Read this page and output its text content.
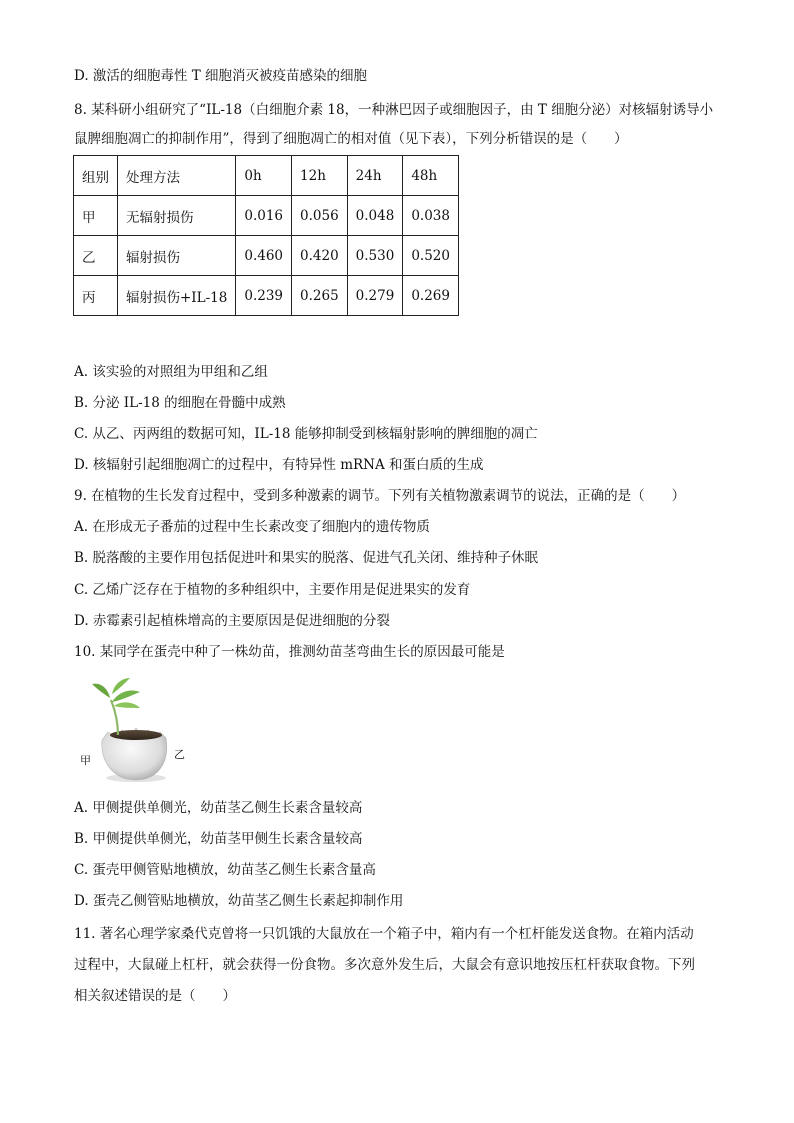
D. 激活的细胞毒性 T 细胞消灭被疫苗感染的细胞
8. 某科研小组研究了“IL-18（白细胞介素 18，一种淋巴因子或细胞因子，由 T 细胞分泌）对核辐射诱导小
鼠脾细胞凋亡的抑制作用”，得到了细胞凋亡的相对值（见下表），下列分析错误的是（　　）
组别	处理方法	0h	12h	24h	48h
甲	无辐射损伤	0.016	0.056	0.048	0.038
乙	辐射损伤	0.460	0.420	0.530	0.520
丙	辐射损伤+IL-18	0.239	0.265	0.279	0.269
A. 该实验的对照组为甲组和乙组
B. 分泌 IL-18 的细胞在骨髓中成熟
C. 从乙、丙两组的数据可知，IL-18 能够抑制受到核辐射影响的脾细胞的凋亡
D. 核辐射引起细胞凋亡的过程中，有特异性 mRNA 和蛋白质的生成
9. 在植物的生长发育过程中，受到多种激素的调节。下列有关植物激素调节的说法，正确的是（　　）
A. 在形成无子番茄的过程中生长素改变了细胞内的遗传物质
B. 脱落酸的主要作用包括促进叶和果实的脱落、促进气孔关闭、维持种子休眠
C. 乙烯广泛存在于植物的多种组织中，主要作用是促进果实的发育
D. 赤霉素引起植株增高的主要原因是促进细胞的分裂
10. 某同学在蛋壳中种了一株幼苗，推测幼苗茎弯曲生长的原因最可能是
甲	乙
A. 甲侧提供单侧光，幼苗茎乙侧生长素含量较高
B. 甲侧提供单侧光，幼苗茎甲侧生长素含量较高
C. 蛋壳甲侧管贴地横放，幼苗茎乙侧生长素含量高
D. 蛋壳乙侧管贴地横放，幼苗茎乙侧生长素起抑制作用
11. 著名心理学家桑代克曾将一只饥饿的大鼠放在一个箱子中，箱内有一个杠杆能发送食物。在箱内活动
过程中，大鼠碰上杠杆，就会获得一份食物。多次意外发生后，大鼠会有意识地按压杠杆获取食物。下列
相关叙述错误的是（　　）
